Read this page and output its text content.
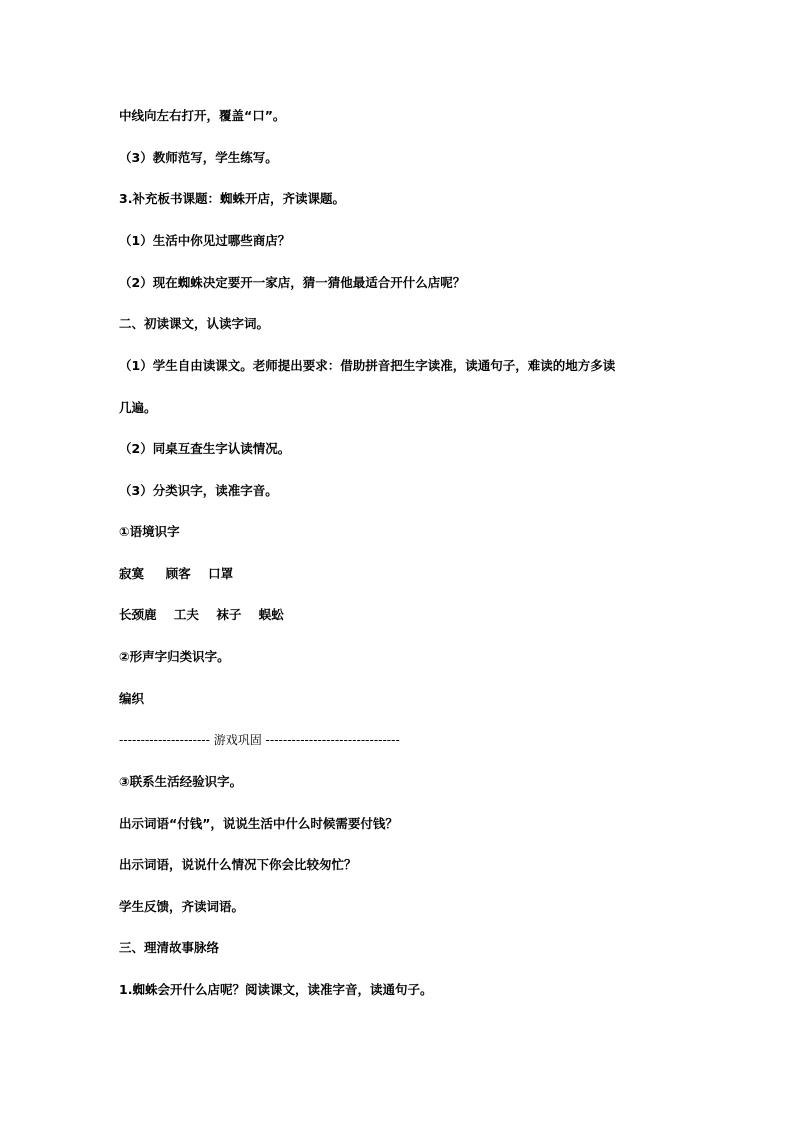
中线向左右打开，覆盖“口”。

（3）教师范写，学生练写。

3.补充板书课题：蜘蛛开店，齐读课题。

（1）生活中你见过哪些商店？

（2）现在蜘蛛决定要开一家店，猜一猜他最适合开什么店呢？

二、初读课文，认读字词。

（1）学生自由读课文。老师提出要求：借助拼音把生字读准，读通句子，难读的地方多读

几遍。

（2）同桌互查生字认读情况。

（3）分类识字，读准字音。

①语境识字

寂寞     顾客    口罩

长颈鹿    工夫    袜子    蜈蚣

②形声字归类识字。

编织

--------------------- 游戏巩固 -------------------------------

③联系生活经验识字。

出示词语“付钱”，说说生活中什么时候需要付钱？

出示词语，说说什么情况下你会比较匆忙？

学生反馈，齐读词语。

三、理清故事脉络

1.蜘蛛会开什么店呢？阅读课文，读准字音，读通句子。
